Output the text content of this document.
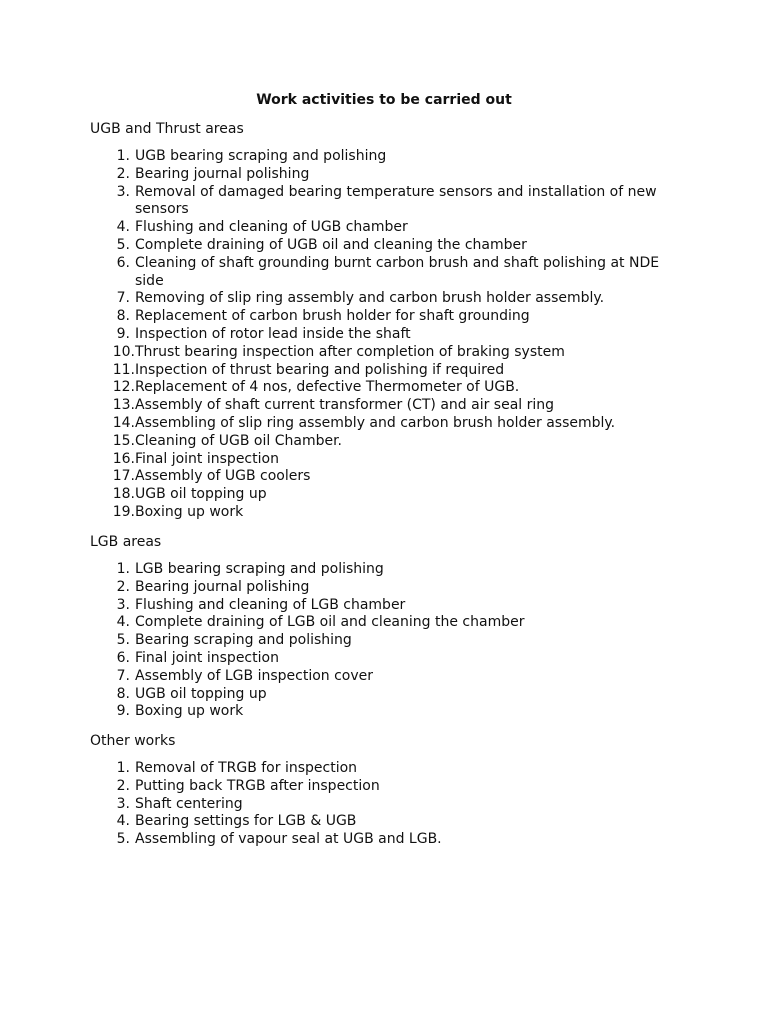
Work activities to be carried out
UGB and Thrust areas
1. UGB bearing scraping and polishing
2. Bearing journal polishing
3. Removal of damaged bearing temperature sensors and installation of new sensors
4. Flushing and cleaning of UGB chamber
5. Complete draining of UGB oil and cleaning the chamber
6. Cleaning of shaft grounding burnt carbon brush and shaft polishing at NDE side
7. Removing of slip ring assembly and carbon brush holder assembly.
8. Replacement of carbon brush holder for shaft grounding
9. Inspection of rotor lead inside the shaft
10. Thrust bearing inspection after completion of braking system
11. Inspection of thrust bearing and polishing if required
12. Replacement of 4 nos, defective Thermometer of UGB.
13. Assembly of shaft current transformer (CT) and air seal ring
14. Assembling of slip ring assembly and carbon brush holder assembly.
15. Cleaning of UGB oil Chamber.
16. Final joint inspection
17. Assembly of UGB coolers
18. UGB oil topping up
19. Boxing up work
LGB areas
1. LGB bearing scraping and polishing
2. Bearing journal polishing
3. Flushing and cleaning of LGB chamber
4. Complete draining of LGB oil and cleaning the chamber
5. Bearing scraping and polishing
6. Final joint inspection
7. Assembly of LGB inspection cover
8. UGB oil topping up
9. Boxing up work
Other works
1. Removal of TRGB for inspection
2. Putting back TRGB after inspection
3. Shaft centering
4. Bearing settings for LGB & UGB
5. Assembling of vapour seal at UGB and LGB.
